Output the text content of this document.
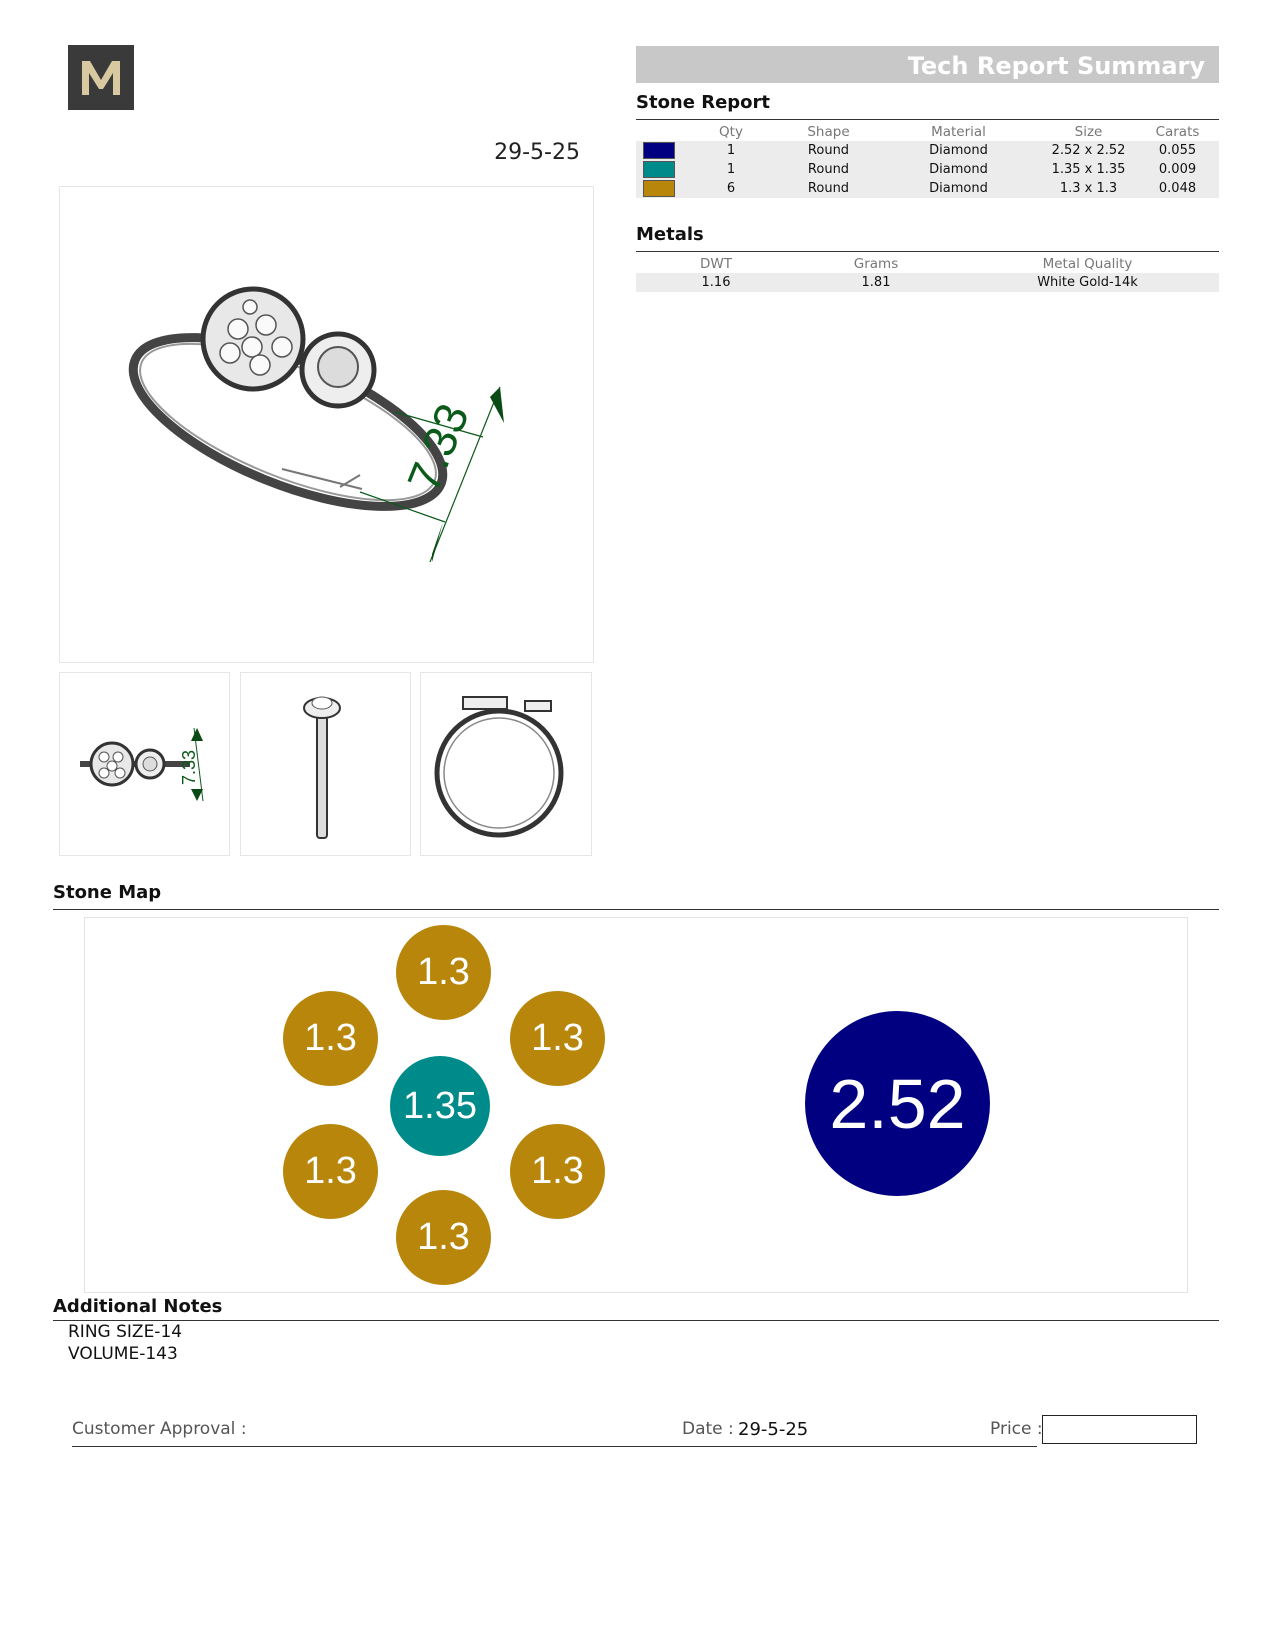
29-5-25
7.33
7.33
Tech Report Summary
Stone Report
	Qty	Shape	Material	Size	Carats

	1	Round	Diamond	2.52 x 2.52	0.055

	1	Round	Diamond	1.35 x 1.35	0.009

	6	Round	Diamond	1.3 x 1.3	0.048
Metals
DWT	Grams	Metal Quality
1.16	1.81	White Gold-14k
Stone Map
1.3
1.3	1.3
1.35
1.3	1.3
1.3
2.52
Additional Notes
RING SIZE-14
VOLUME-143
Customer Approval :	Date : 29-5-25	Price :
